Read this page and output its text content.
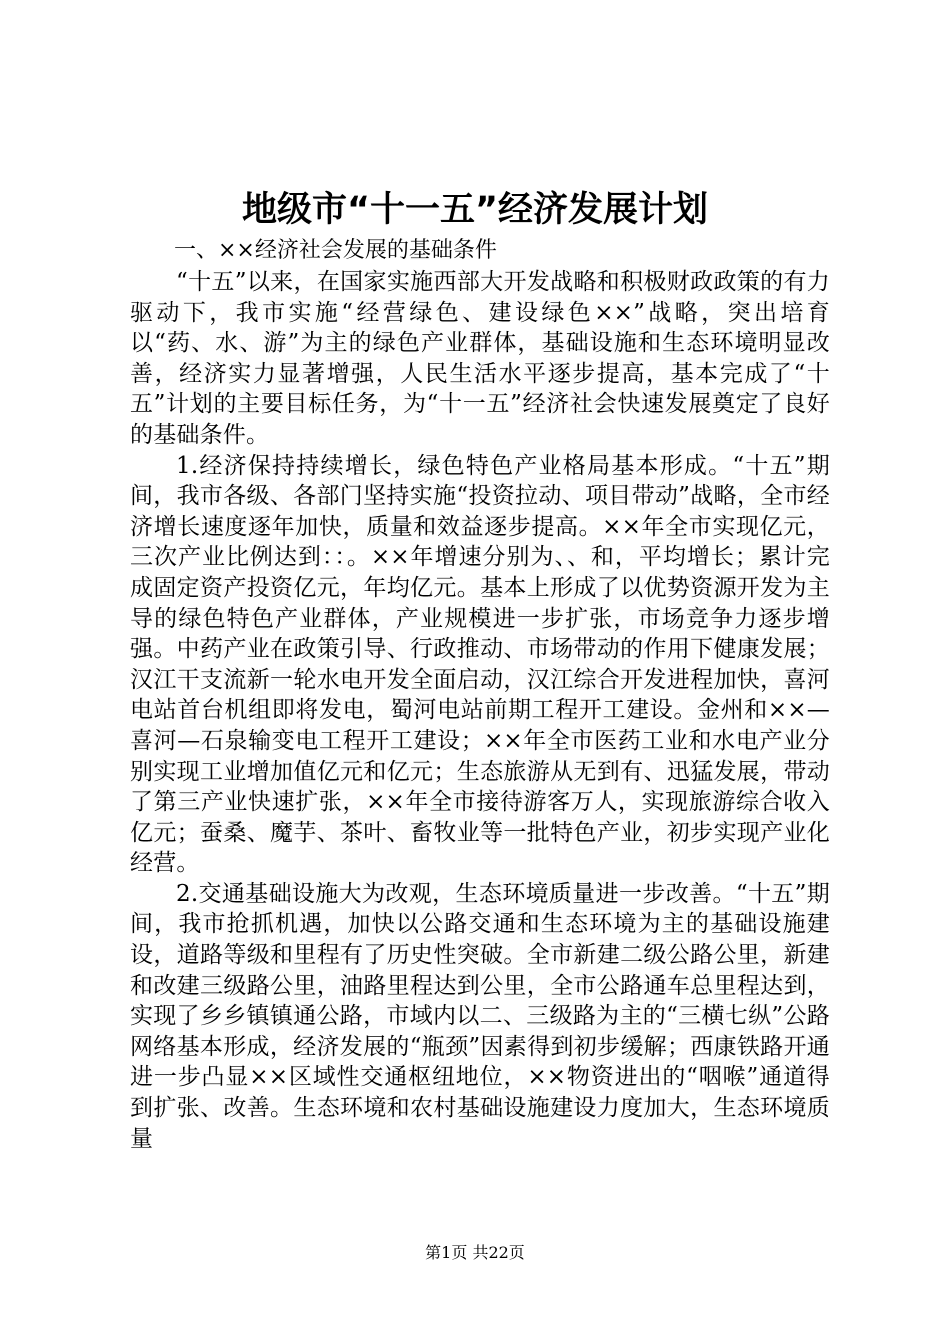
地级市“十一五”经济发展计划

一、××经济社会发展的基础条件

“十五”以来，在国家实施西部大开发战略和积极财政政策的有力驱动下，我市实施“经营绿色、建设绿色××”战略，突出培育以“药、水、游”为主的绿色产业群体，基础设施和生态环境明显改善，经济实力显著增强，人民生活水平逐步提高，基本完成了“十五”计划的主要目标任务，为“十一五”经济社会快速发展奠定了良好的基础条件。

1.经济保持持续增长，绿色特色产业格局基本形成。“十五”期间，我市各级、各部门坚持实施“投资拉动、项目带动”战略，全市经济增长速度逐年加快，质量和效益逐步提高。××年全市实现亿元，三次产业比例达到：：。××年增速分别为、、和，平均增长；累计完成固定资产投资亿元，年均亿元。基本上形成了以优势资源开发为主导的绿色特色产业群体，产业规模进一步扩张，市场竞争力逐步增强。中药产业在政策引导、行政推动、市场带动的作用下健康发展；汉江干支流新一轮水电开发全面启动，汉江综合开发进程加快，喜河电站首台机组即将发电，蜀河电站前期工程开工建设。金州和××—喜河—石泉输变电工程开工建设；××年全市医药工业和水电产业分别实现工业增加值亿元和亿元；生态旅游从无到有、迅猛发展，带动了第三产业快速扩张，××年全市接待游客万人，实现旅游综合收入亿元；蚕桑、魔芋、茶叶、畜牧业等一批特色产业，初步实现产业化经营。

2.交通基础设施大为改观，生态环境质量进一步改善。“十五”期间，我市抢抓机遇，加快以公路交通和生态环境为主的基础设施建设，道路等级和里程有了历史性突破。全市新建二级公路公里，新建和改建三级路公里，油路里程达到公里，全市公路通车总里程达到，实现了乡乡镇镇通公路，市域内以二、三级路为主的“三横七纵”公路网络基本形成，经济发展的“瓶颈”因素得到初步缓解；西康铁路开通进一步凸显××区域性交通枢纽地位，××物资进出的“咽喉”通道得到扩张、改善。生态环境和农村基础设施建设力度加大，生态环境质量

第1页 共22页
